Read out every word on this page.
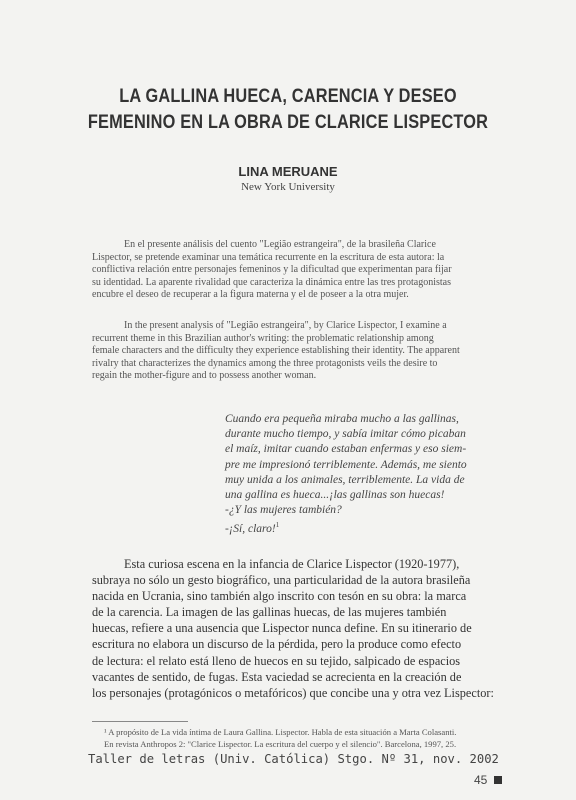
LA GALLINA HUECA, CARENCIA Y DESEO
FEMENINO EN LA OBRA DE CLARICE LISPECTOR
LINA MERUANE
New York University
En el presente análisis del cuento "Legião estrangeira", de la brasileña Clarice
Lispector, se pretende examinar una temática recurrente en la escritura de esta autora: la
conflictiva relación entre personajes femeninos y la dificultad que experimentan para fijar
su identidad. La aparente rivalidad que caracteriza la dinámica entre las tres protagonistas
encubre el deseo de recuperar a la figura materna y el de poseer a la otra mujer.
In the present analysis of "Legião estrangeira", by Clarice Lispector, I examine a
recurrent theme in this Brazilian author's writing: the problematic relationship among
female characters and the difficulty they experience establishing their identity. The apparent
rivalry that characterizes the dynamics among the three protagonists veils the desire to
regain the mother-figure and to possess another woman.
Cuando era pequeña miraba mucho a las gallinas,
durante mucho tiempo, y sabía imitar cómo picaban
el maíz, imitar cuando estaban enfermas y eso siem-
pre me impresionó terriblemente. Además, me siento
muy unida a los animales, terriblemente. La vida de
una gallina es hueca...¡las gallinas son huecas!
-¿Y las mujeres también?
-¡Sí, claro!$^1$
Esta curiosa escena en la infancia de Clarice Lispector (1920-1977),
subraya no sólo un gesto biográfico, una particularidad de la autora brasileña
nacida en Ucrania, sino también algo inscrito con tesón en su obra: la marca
de la carencia. La imagen de las gallinas huecas, de las mujeres también
huecas, refiere a una ausencia que Lispector nunca define. En su itinerario de
escritura no elabora un discurso de la pérdida, pero la produce como efecto
de lectura: el relato está lleno de huecos en su tejido, salpicado de espacios
vacantes de sentido, de fugas. Esta vaciedad se acrecienta en la creación de
los personajes (protagónicos o metafóricos) que concibe una y otra vez Lispector:
¹ A propósito de La vida íntima de Laura Gallina. Lispector. Habla de esta situación a Marta Colasanti.
En revista Anthropos 2: "Clarice Lispector. La escritura del cuerpo y el silencio". Barcelona, 1997, 25.
Taller de letras (Univ. Católica) Stgo. Nº 31, nov. 2002
45
